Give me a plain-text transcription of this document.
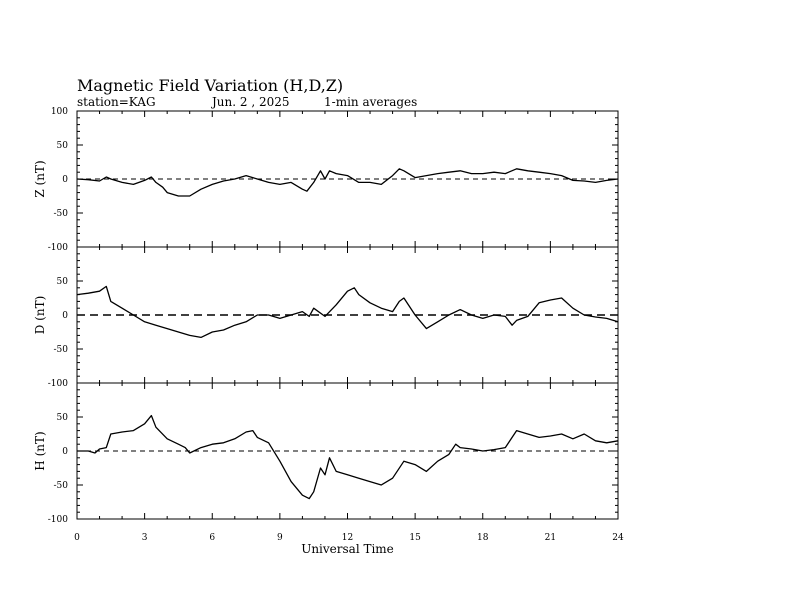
Magnetic Field Variation (H,D,Z)
station=KAG	Jun. 2 , 2025	1-min averages
100
50
0
-50
-100
Z (nT)
50
0
-50
-100
D (nT)
50
0
-50
-100
H (nT)
0	3	6	9	12	15	18	21	24
Universal Time
